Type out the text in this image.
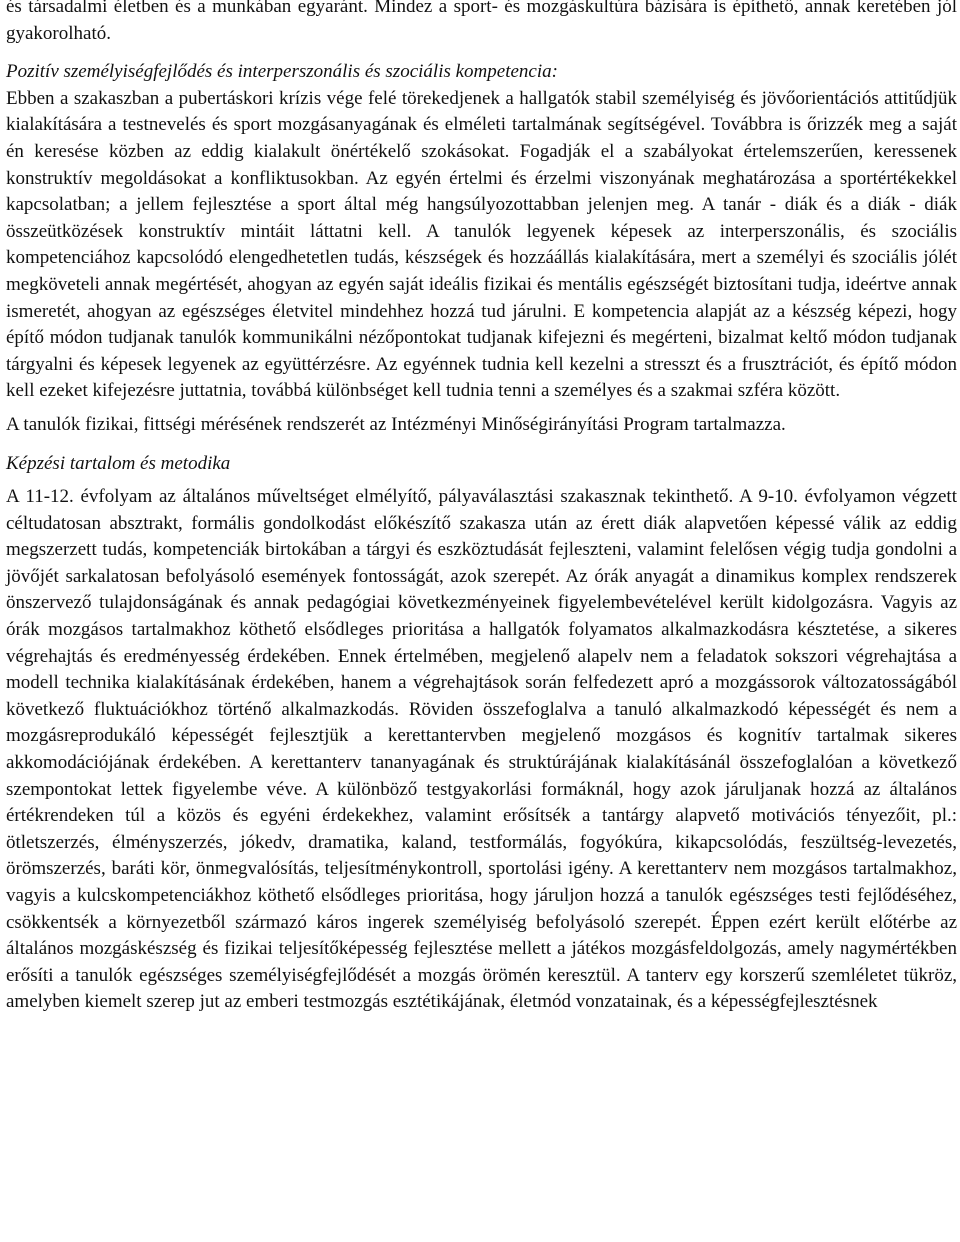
és társadalmi életben és a munkában egyaránt. Mindez a sport- és mozgáskultúra bázisára is építhető, annak keretében jól gyakorolható.

Pozitív személyiségfejlődés és interperszonális és szociális kompetencia:

Ebben a szakaszban a pubertáskori krízis vége felé törekedjenek a hallgatók stabil személyiség és jövőorientációs attitűdjük kialakítására a testnevelés és sport mozgásanyagának és elméleti tartalmának segítségével. Továbbra is őrizzék meg a saját én keresése közben az eddig kialakult önértékelő szokásokat. Fogadják el a szabályokat értelemszerűen, keressenek konstruktív megoldásokat a konfliktusokban. Az egyén értelmi és érzelmi viszonyának meghatározása a sportértékekkel kapcsolatban; a jellem fejlesztése a sport által még hangsúlyozottabban jelenjen meg. A tanár - diák és a diák - diák összeütközések konstruktív mintáit láttatni kell. A tanulók legyenek képesek az interperszonális, és szociális kompetenciához kapcsolódó elengedhetetlen tudás, készségek és hozzáállás kialakítására, mert a személyi és szociális jólét megköveteli annak megértését, ahogyan az egyén saját ideális fizikai és mentális egészségét biztosítani tudja, ideértve annak ismeretét, ahogyan az egészséges életvitel mindehhez hozzá tud járulni. E kompetencia alapját az a készség képezi, hogy építő módon tudjanak tanulók kommunikálni nézőpontokat tudjanak kifejezni és megérteni, bizalmat keltő módon tudjanak tárgyalni és képesek legyenek az együttérzésre. Az egyénnek tudnia kell kezelni a stresszt és a frusztrációt, és építő módon kell ezeket kifejezésre juttatnia, továbbá különbséget kell tudnia tenni a személyes és a szakmai szféra között.

A tanulók fizikai, fittségi mérésének rendszerét az Intézményi Minőségirányítási Program tartalmazza.

Képzési tartalom és metodika

A 11-12. évfolyam az általános műveltséget elmélyítő, pályaválasztási szakasznak tekinthető. A 9-10. évfolyamon végzett céltudatosan absztrakt, formális gondolkodást előkészítő szakasza után az érett diák alapvetően képessé válik az eddig megszerzett tudás, kompetenciák birtokában a tárgyi és eszköztudását fejleszteni, valamint felelősen végig tudja gondolni a jövőjét sarkalatosan befolyásoló események fontosságát, azok szerepét. Az órák anyagát a dinamikus komplex rendszerek önszervező tulajdonságának és annak pedagógiai következményeinek figyelembevételével került kidolgozásra. Vagyis az órák mozgásos tartalmakhoz köthető elsődleges prioritása a hallgatók folyamatos alkalmazkodásra késztetése, a sikeres végrehajtás és eredményesség érdekében. Ennek értelmében, megjelenő alapelv nem a feladatok sokszori végrehajtása a modell technika kialakításának érdekében, hanem a végrehajtások során felfedezett apró a mozgássorok változatosságából következő fluktuációkhoz történő alkalmazkodás. Röviden összefoglalva a tanuló alkalmazkodó képességét és nem a mozgásreprodukáló képességét fejlesztjük a kerettantervben megjelenő mozgásos és kognitív tartalmak sikeres akkomodációjának érdekében. A kerettanterv tananyagának és struktúrájának kialakításánál összefoglalóan a következő szempontokat lettek figyelembe véve. A különböző testgyakorlási formáknál, hogy azok járuljanak hozzá az általános értékrendeken túl a közös és egyéni érdekekhez, valamint erősítsék a tantárgy alapvető motivációs tényezőit, pl.: ötletszerzés, élményszerzés, jókedv, dramatika, kaland, testformálás, fogyókúra, kikapcsolódás, feszültség-levezetés, örömszerzés, baráti kör, önmegvalósítás, teljesítménykontroll, sportolási igény. A kerettanterv nem mozgásos tartalmakhoz, vagyis a kulcskompetenciákhoz köthető elsődleges prioritása, hogy járuljon hozzá a tanulók egészséges testi fejlődéséhez, csökkentsék a környezetből származó káros ingerek személyiség befolyásoló szerepét. Éppen ezért került előtérbe az általános mozgáskészség és fizikai teljesítőképesség fejlesztése mellett a játékos mozgásfeldolgozás, amely nagymértékben erősíti a tanulók egészséges személyiségfejlődését a mozgás örömén keresztül. A tanterv egy korszerű szemléletet tükröz, amelyben kiemelt szerep jut az emberi testmozgás esztétikájának, életmód vonzatainak, és a képességfejlesztésnek
